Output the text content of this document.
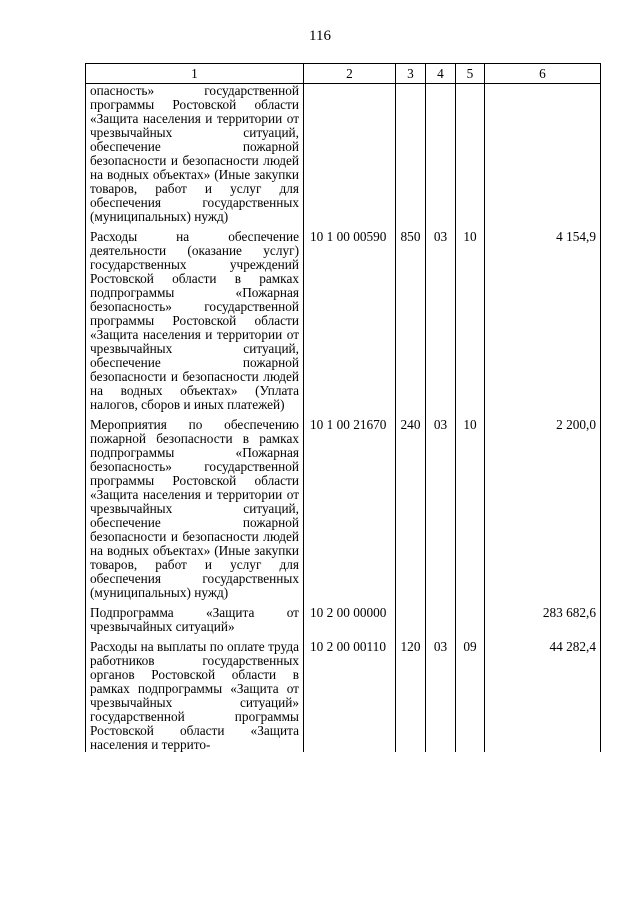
116
1	2	3	4	5	6
опасность» государственной программы Ростовской области «Защита населения и территории от чрезвычайных ситуаций, обеспечение пожарной безопасности и безопасности людей на водных объектах» (Иные закупки товаров, работ и услуг для обеспечения государственных (муниципальных) нужд)					
Расходы на обеспечение деятельности (оказание услуг) государственных учреждений Ростовской области в рамках подпрограммы «Пожарная безопасность» государственной программы Ростовской области «Защита населения и территории от чрезвычайных ситуаций, обеспечение пожарной безопасности и безопасности людей на водных объектах» (Уплата налогов, сборов и иных платежей)	10 1 00 00590	850	03	10	4 154,9
Мероприятия по обеспечению пожарной безопасности в рамках подпрограммы «Пожарная безопасность» государственной программы Ростовской области «Защита населения и территории от чрезвычайных ситуаций, обеспечение пожарной безопасности и безопасности людей на водных объектах» (Иные закупки товаров, работ и услуг для обеспечения государственных (муниципальных) нужд)	10 1 00 21670	240	03	10	2 200,0
Подпрограмма «Защита от чрезвычайных ситуаций»	10 2 00 00000				283 682,6
Расходы на выплаты по оплате труда работников государственных органов Ростовской области в рамках подпрограммы «Защита от чрезвычайных ситуаций» государственной программы Ростовской области «Защита населения и террито-	10 2 00 00110	120	03	09	44 282,4
